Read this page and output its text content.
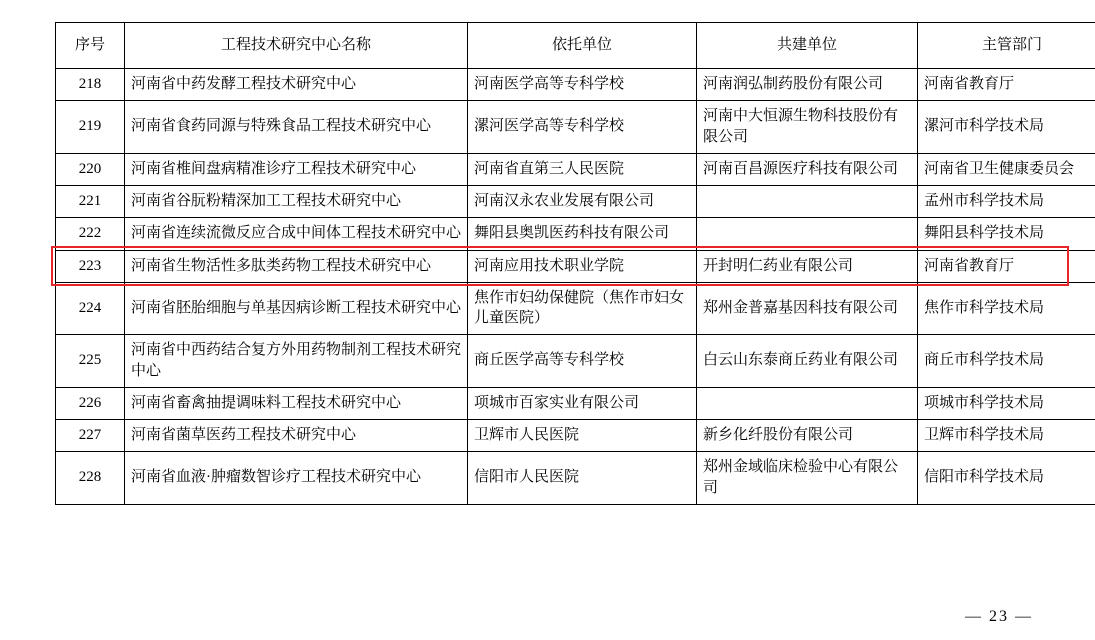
序号	工程技术研究中心名称	依托单位	共建单位	主管部门
218	河南省中药发酵工程技术研究中心	河南医学高等专科学校	河南润弘制药股份有限公司	河南省教育厅
219	河南省食药同源与特殊食品工程技术研究中心	漯河医学高等专科学校	河南中大恒源生物科技股份有限公司	漯河市科学技术局
220	河南省椎间盘病精准诊疗工程技术研究中心	河南省直第三人民医院	河南百昌源医疗科技有限公司	河南省卫生健康委员会
221	河南省谷朊粉精深加工工程技术研究中心	河南汉永农业发展有限公司		孟州市科学技术局
222	河南省连续流微反应合成中间体工程技术研究中心	舞阳县奥凯医药科技有限公司		舞阳县科学技术局
223	河南省生物活性多肽类药物工程技术研究中心	河南应用技术职业学院	开封明仁药业有限公司	河南省教育厅
224	河南省胚胎细胞与单基因病诊断工程技术研究中心	焦作市妇幼保健院（焦作市妇女儿童医院）	郑州金普嘉基因科技有限公司	焦作市科学技术局
225	河南省中西药结合复方外用药物制剂工程技术研究中心	商丘医学高等专科学校	白云山东泰商丘药业有限公司	商丘市科学技术局
226	河南省畜禽抽提调味料工程技术研究中心	项城市百家实业有限公司		项城市科学技术局
227	河南省菌草医药工程技术研究中心	卫辉市人民医院	新乡化纤股份有限公司	卫辉市科学技术局
228	河南省血液·肿瘤数智诊疗工程技术研究中心	信阳市人民医院	郑州金域临床检验中心有限公司	信阳市科学技术局
— 23 —
